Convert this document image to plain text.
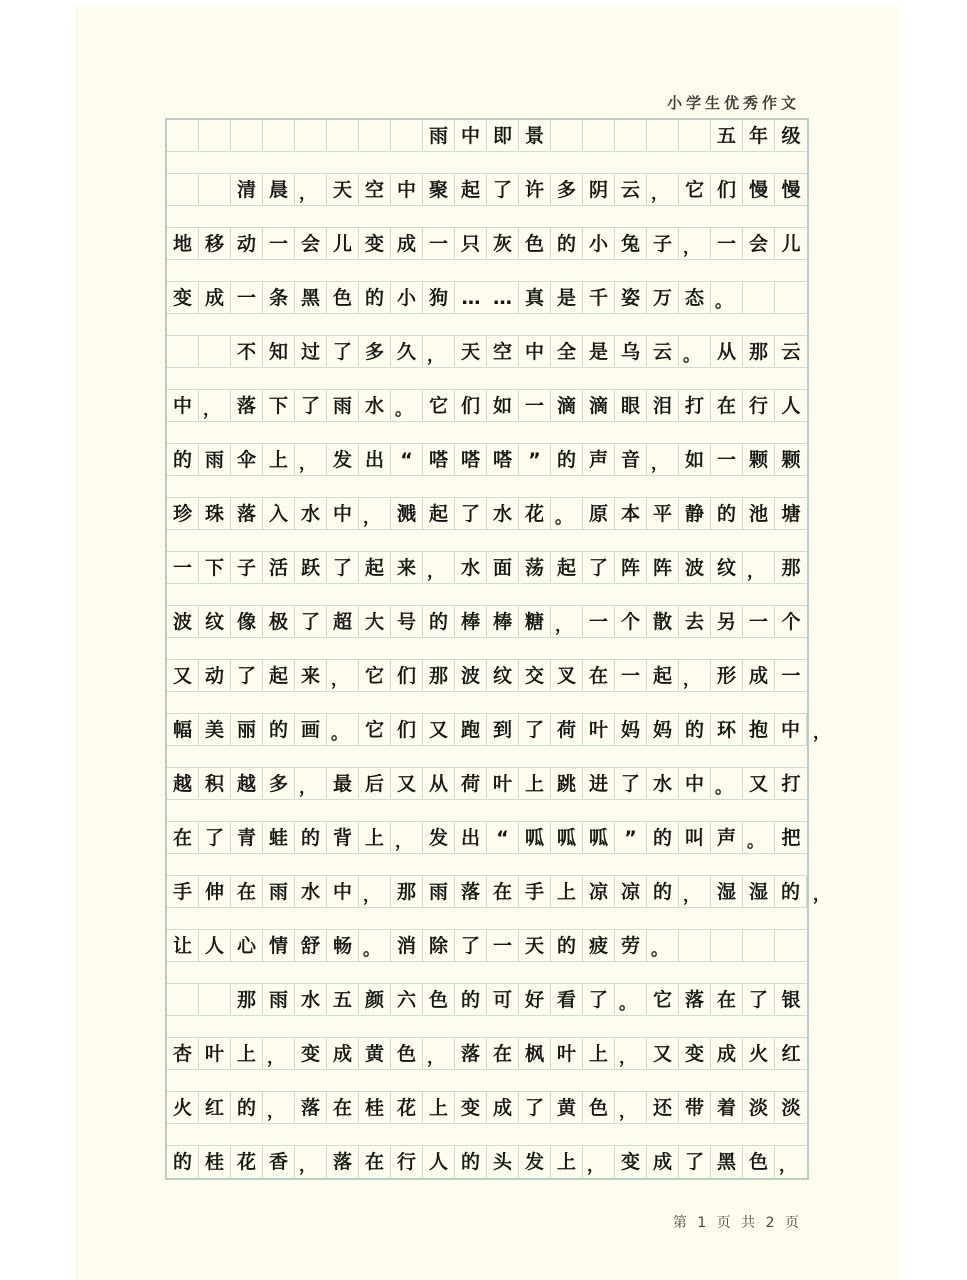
小学生优秀作文
雨 中 即 景	五 年 级
清 晨 ， 天 空 中 聚 起 了 许 多 阴 云 ， 它 们 慢 慢
地 移 动 一 会 儿 变 成 一 只 灰 色 的 小 兔 子 ， 一 会 儿
变 成 一 条 黑 色 的 小 狗 … … 真 是 千 姿 万 态 。
不 知 过 了 多 久 ， 天 空 中 全 是 乌 云 。 从 那 云
中 ， 落 下 了 雨 水 。 它 们 如 一 滴 滴 眼 泪 打 在 行 人
的 雨 伞 上 ， 发 出 “ 嗒 嗒 嗒 ” 的 声 音 ， 如 一 颗 颗
珍 珠 落 入 水 中 ， 溅 起 了 水 花 。 原 本 平 静 的 池 塘
一 下 子 活 跃 了 起 来 ， 水 面 荡 起 了 阵 阵 波 纹 ， 那
波 纹 像 极 了 超 大 号 的 棒 棒 糖 ， 一 个 散 去 另 一 个
又 动 了 起 来 ， 它 们 那 波 纹 交 叉 在 一 起 ， 形 成 一
幅 美 丽 的 画 。 它 们 又 跑 到 了 荷 叶 妈 妈 的 环 抱 中 ，
越 积 越 多 ， 最 后 又 从 荷 叶 上 跳 进 了 水 中 。 又 打
在 了 青 蛙 的 背 上 ， 发 出 “ 呱 呱 呱 ” 的 叫 声 。 把
手 伸 在 雨 水 中 ， 那 雨 落 在 手 上 凉 凉 的 ， 湿 湿 的 ，
让 人 心 情 舒 畅 。 消 除 了 一 天 的 疲 劳 。
那 雨 水 五 颜 六 色 的 可 好 看 了 。 它 落 在 了 银
杏 叶 上 ， 变 成 黄 色 ， 落 在 枫 叶 上 ， 又 变 成 火 红
火 红 的 ， 落 在 桂 花 上 变 成 了 黄 色 ， 还 带 着 淡 淡
的 桂 花 香 ， 落 在 行 人 的 头 发 上 ， 变 成 了 黑 色 ，
第 1 页 共 2 页
